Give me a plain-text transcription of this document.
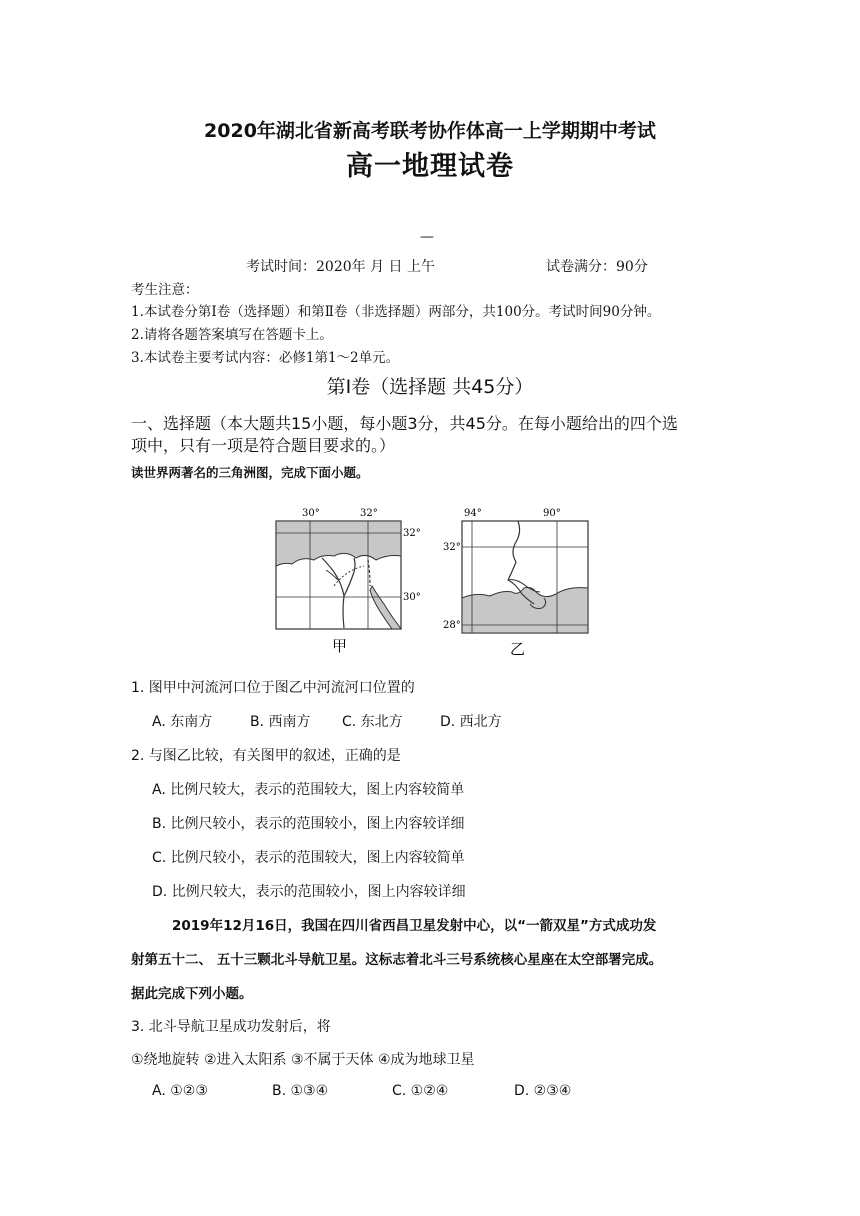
2020年湖北省新高考联考协作体高一上学期期中考试
高一地理试卷
—
考试时间：2020年 月 日 上午	试卷满分：90分
考生注意：
1.本试卷分第Ⅰ卷（选择题）和第Ⅱ卷（非选择题）两部分，共100分。考试时间90分钟。
2.请将各题答案填写在答题卡上。
3.本试卷主要考试内容：必修1第1～2单元。
第Ⅰ卷（选择题 共45分）
一、选择题（本大题共15小题，每小题3分，共45分。在每小题给出的四个选
项中，只有一项是符合题目要求的。）
读世界两著名的三角洲图，完成下面小题。
30°	32°
32°
30°
甲
94°	90°
32°
28°
乙
1. 图甲中河流河口位于图乙中河流河口位置的
A. 东南方	B. 西南方 C. 东北方	D. 西北方
2. 与图乙比较，有关图甲的叙述，正确的是
A. 比例尺较大，表示的范围较大，图上内容较简单
B. 比例尺较小，表示的范围较小，图上内容较详细
C. 比例尺较小，表示的范围较大，图上内容较简单
D. 比例尺较大，表示的范围较小，图上内容较详细
2019年12月16日，我国在四川省西昌卫星发射中心，以“一箭双星”方式成功发
射第五十二、 五十三颗北斗导航卫星。这标志着北斗三号系统核心星座在太空部署完成。
据此完成下列小题。
3. 北斗导航卫星成功发射后，将
①绕地旋转 ②进入太阳系 ③不属于天体 ④成为地球卫星
A. ①②③	B. ①③④	C. ①②④	D. ②③④
